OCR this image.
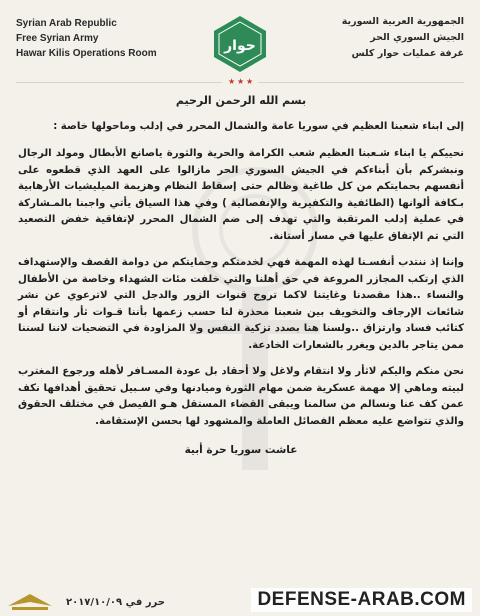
Syrian Arab Republic
Free Syrian Army
Hawar Kilis Operations Room	حوار
الجمهورية العربية السورية
الجيش السوري الحر
غرفة عمليات حوار كلس
★ ★ ★
بسم الله الرحمن الرحيم

إلى ابناء شعبنا العظيم في سوريا عامة والشمال المحرر في إدلب وماحولها خاصة :

نحييكم يا ابناء شـعبنا العظيم شعب الكرامة والحرية والثورة ياصانع الأبطال ومولد الرجال ونبشركم بأن أبناءكم في الجيش السوري الحر مازالوا على العهد الذي قطعوه على أنفسهم بحمايتكم من كل طاغية وظالم حتى إسقاط النظام وهزيمة الميليشيات الأرهابية بـكافة ألوانها (الطائفية والتكفيرية والإنفصالية ) وفي هذا السياق يأتي واجبنا بالمـشاركة في عملية إدلب المرتقبة والتي تهدف إلى ضم الشمال المحرر لإتفاقية خفض التصعيد التي تم الإتفاق عليها في مسار أستانة.

وإننا إذ ننتدب أنفسـنا لهذه المهمة فهي لخدمتكم وحمايتكم من دوامة القصف والإستهداف الذي إرتكب المجازر المروعة في حق أهلنا والتي خلفت مئات الشهداء وخاصة من الأطفال والنساء ..هذا مقصدنا وغايتنا لاكما تروج قنوات الزور والدجل التي لاترعوي عن نشر شائعات الإرجاف والتخويف بين شعبنا محذرة لنا حسب زعمها بأننا قـوات ثأر وانتقام أو كتائب فساد وارتزاق ..ولسنا هنا بصدد تزكية النفس ولا المزاودة في التضحيات لاننا لسننا ممن يتاجر بالدين ويغرر بالشعارات الخادعة.

نحن منكم واليكم لاثأر ولا انتقام ولاغل ولا أحقاد بل عودة المسـافر لأهله ورجوع المغترب لبيته وماهي إلا مهمة عسكرية ضمن مهام الثورة وميادنها وفي سـبيل تحقيق أهدافها نكف عمن كف عنا ونسالم من سالمنا ويبقى القضاء المستقل هـو الفيصل في مختلف الحقوق والذي تتواضع عليه معظم الفصائل العاملة والمشهود لها بحسن الإستقامة.

عاشت سوريا حرة أبية
حرر في ٢٠١٧/١٠/٠٩	DEFENSE-ARAB.COM
